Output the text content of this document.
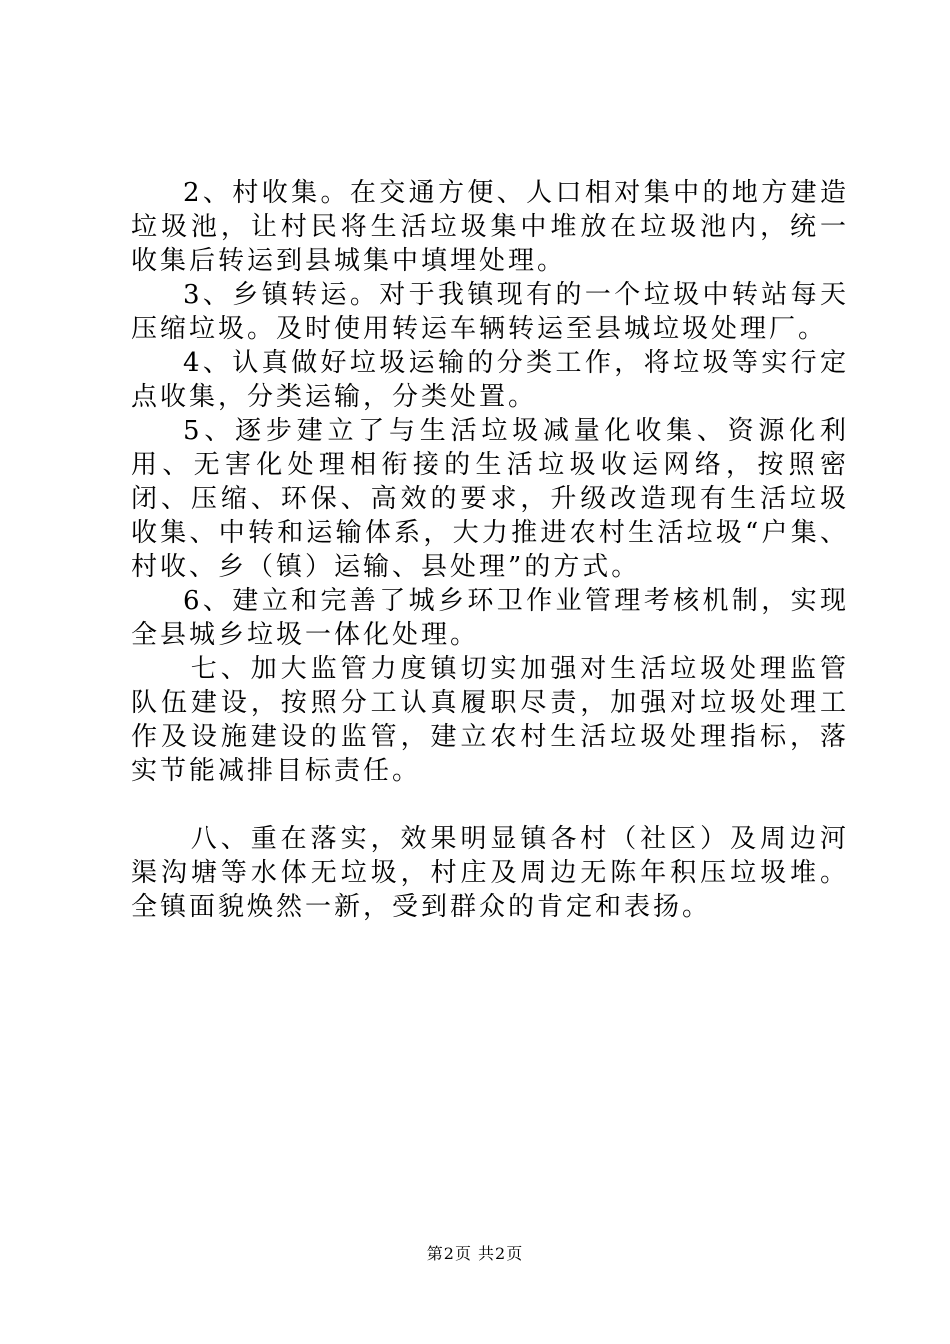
2、村收集。在交通方便、人口相对集中的地方建造垃圾池，让村民将生活垃圾集中堆放在垃圾池内，统一收集后转运到县城集中填埋处理。

3、乡镇转运。对于我镇现有的一个垃圾中转站每天压缩垃圾。及时使用转运车辆转运至县城垃圾处理厂。

4、认真做好垃圾运输的分类工作，将垃圾等实行定点收集，分类运输，分类处置。

5、逐步建立了与生活垃圾减量化收集、资源化利用、无害化处理相衔接的生活垃圾收运网络，按照密闭、压缩、环保、高效的要求，升级改造现有生活垃圾收集、中转和运输体系，大力推进农村生活垃圾“户集、村收、乡（镇）运输、县处理”的方式。

6、建立和完善了城乡环卫作业管理考核机制，实现全县城乡垃圾一体化处理。

七、加大监管力度镇切实加强对生活垃圾处理监管队伍建设，按照分工认真履职尽责，加强对垃圾处理工作及设施建设的监管，建立农村生活垃圾处理指标，落实节能减排目标责任。

八、重在落实，效果明显镇各村（社区）及周边河渠沟塘等水体无垃圾，村庄及周边无陈年积压垃圾堆。全镇面貌焕然一新，受到群众的肯定和表扬。

第2页 共2页
